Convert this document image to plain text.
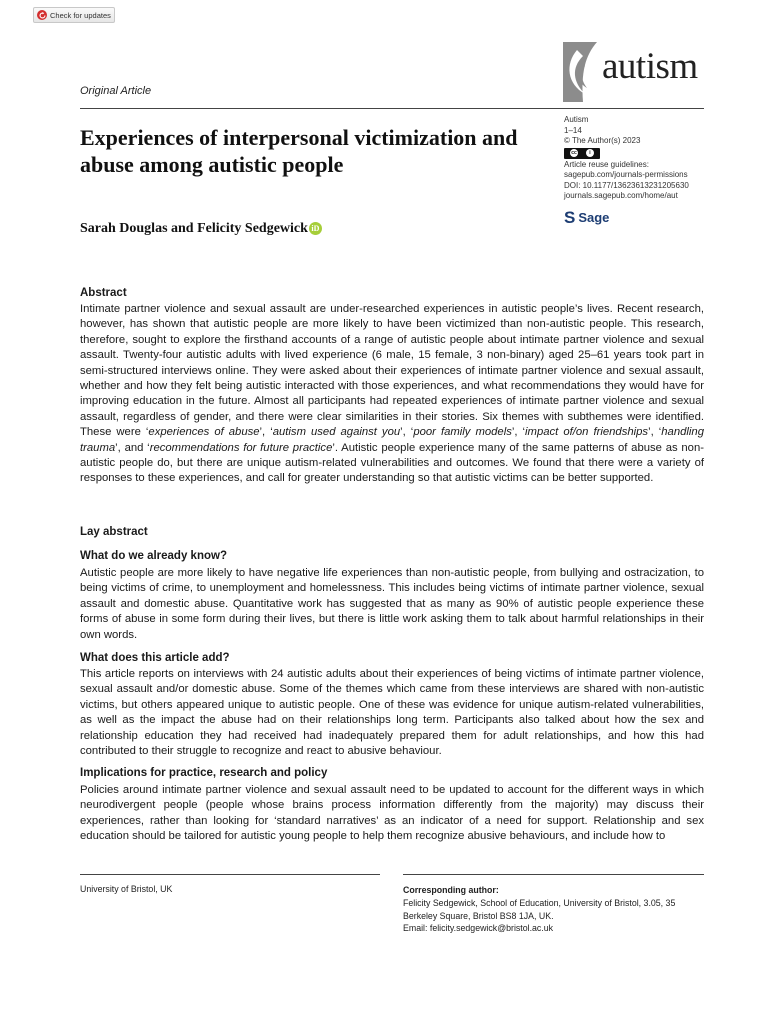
Check for updates
Original Article
autism
Experiences of interpersonal victimization and abuse among autistic people
Sarah Douglas and Felicity Sedgewick iD
Autism
1–14
© The Author(s) 2023
cc	i
Article reuse guidelines:
sagepub.com/journals-permissions
DOI: 10.1177/13623613231205630
journals.sagepub.com/home/aut
S Sage
Abstract

Intimate partner violence and sexual assault are under-researched experiences in autistic people’s lives. Recent research, however, has shown that autistic people are more likely to have been victimized than non-autistic people. This research, therefore, sought to explore the firsthand accounts of a range of autistic people about intimate partner violence and sexual assault. Twenty-four autistic adults with lived experience (6 male, 15 female, 3 non-binary) aged 25–61 years took part in semi-structured interviews online. They were asked about their experiences of intimate partner violence and sexual assault, whether and how they felt being autistic interacted with those experiences, and what recommendations they would have for improving education in the future. Almost all participants had repeated experiences of intimate partner violence and sexual assault, regardless of gender, and there were clear similarities in their stories. Six themes with subthemes were identified. These were ‘experiences of abuse’, ‘autism used against you’, ‘poor family models’, ‘impact of/on friendships’, ‘handling trauma’, and ‘recommendations for future practice’. Autistic people experience many of the same patterns of abuse as non-autistic people do, but there are unique autism-related vulnerabilities and outcomes. We found that there were a variety of responses to these experiences, and call for greater understanding so that autistic victims can be better supported.

Lay abstract
What do we already know?

Autistic people are more likely to have negative life experiences than non-autistic people, from bullying and ostracization, to being victims of crime, to unemployment and homelessness. This includes being victims of intimate partner violence, sexual assault and domestic abuse. Quantitative work has suggested that as many as 90% of autistic people experience these forms of abuse in some form during their lives, but there is little work asking them to talk about harmful relationships in their own words.

What does this article add?

This article reports on interviews with 24 autistic adults about their experiences of being victims of intimate partner violence, sexual assault and/or domestic abuse. Some of the themes which came from these interviews are shared with non-autistic victims, but others appeared unique to autistic people. One of these was evidence for unique autism-related vulnerabilities, as well as the impact the abuse had on their relationships long term. Participants also talked about how the sex and relationship education they had received had inadequately prepared them for adult relationships, and how this had contributed to their struggle to recognize and react to abusive behaviour.

Implications for practice, research and policy

Policies around intimate partner violence and sexual assault need to be updated to account for the different ways in which neurodivergent people (people whose brains process information differently from the majority) may discuss their experiences, rather than looking for ‘standard narratives’ as an indicator of a need for support. Relationship and sex education should be tailored for autistic young people to help them recognize abusive behaviours, and include how to

University of Bristol, UK	Corresponding author:
Felicity Sedgewick, School of Education, University of Bristol, 3.05, 35
Berkeley Square, Bristol BS8 1JA, UK.
Email: felicity.sedgewick@bristol.ac.uk
